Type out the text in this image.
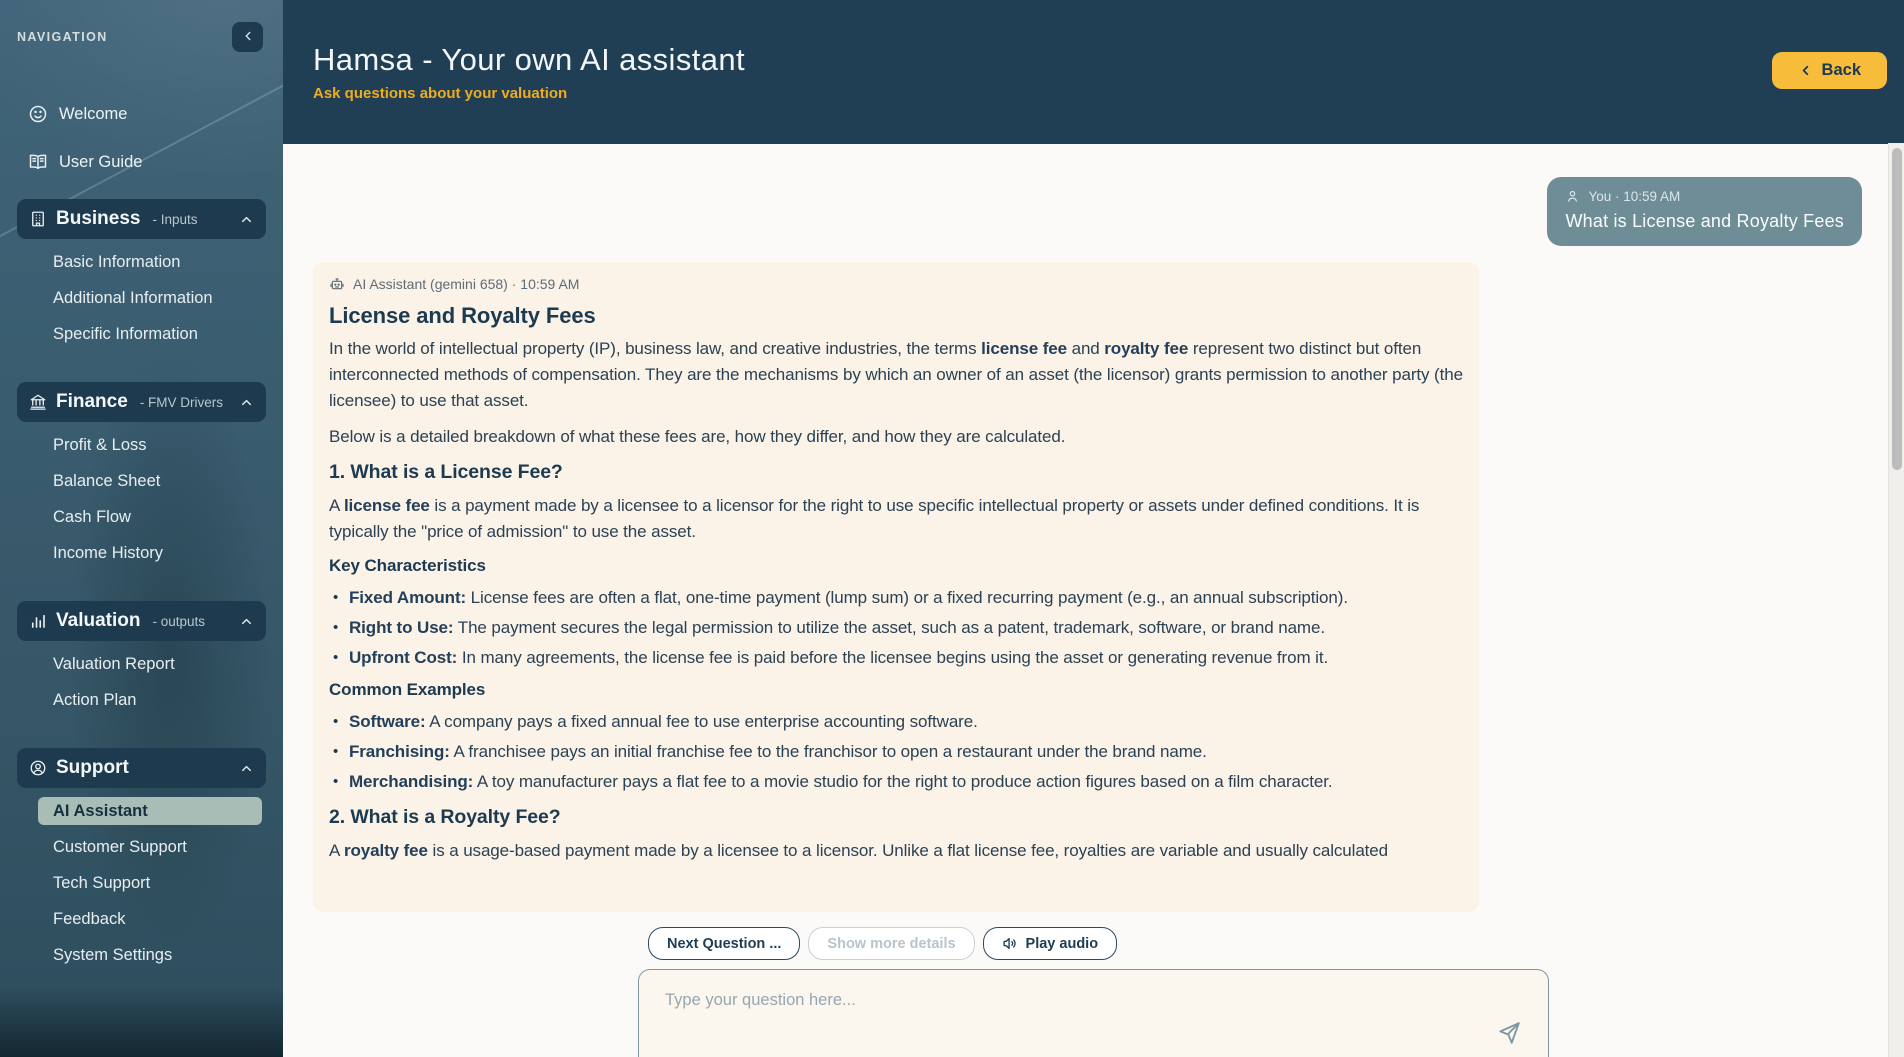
NAVIGATION
Welcome
User Guide
Business - Inputs
Basic Information
Additional Information
Specific Information
Finance - FMV Drivers
Profit & Loss
Balance Sheet
Cash Flow
Income History
Valuation - outputs
Valuation Report
Action Plan
Support
AI Assistant
Customer Support
Tech Support
Feedback
System Settings
Hamsa - Your own AI assistant
Ask questions about your valuation
Back
You · 10:59 AM
What is License and Royalty Fees
AI Assistant (gemini 658) · 10:59 AM
License and Royalty Fees

In the world of intellectual property (IP), business law, and creative industries, the terms license fee and royalty fee represent two distinct but often interconnected methods of compensation. They are the mechanisms by which an owner of an asset (the licensor) grants permission to another party (the licensee) to use that asset.

Below is a detailed breakdown of what these fees are, how they differ, and how they are calculated.

1. What is a License Fee?

A license fee is a payment made by a licensee to a licensor for the right to use specific intellectual property or assets under defined conditions. It is typically the "price of admission" to use the asset.

Key Characteristics
• Fixed Amount: License fees are often a flat, one-time payment (lump sum) or a fixed recurring payment (e.g., an annual subscription).
• Right to Use: The payment secures the legal permission to utilize the asset, such as a patent, trademark, software, or brand name.
• Upfront Cost: In many agreements, the license fee is paid before the licensee begins using the asset or generating revenue from it.
Common Examples
• Software: A company pays a fixed annual fee to use enterprise accounting software.
• Franchising: A franchisee pays an initial franchise fee to the franchisor to open a restaurant under the brand name.
• Merchandising: A toy manufacturer pays a flat fee to a movie studio for the right to produce action figures based on a film character.
2. What is a Royalty Fee?

A royalty fee is a usage-based payment made by a licensee to a licensor. Unlike a flat license fee, royalties are variable and usually calculated

Next Question ...	Show more details	Play audio
Type your question here...
